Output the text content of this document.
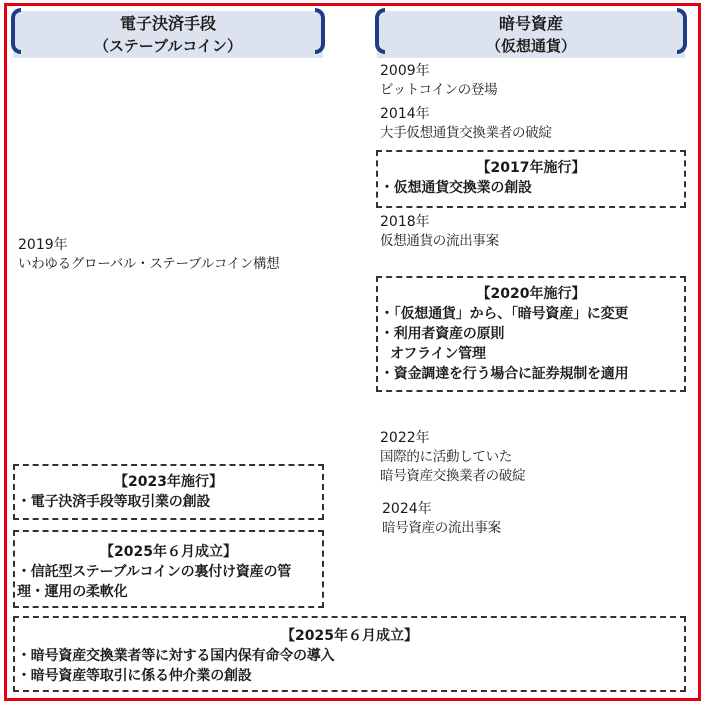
電子決済手段
（ステーブルコイン）
暗号資産
（仮想通貨）
2009年
ビットコインの登場
2014年
大手仮想通貨交換業者の破綻
【2017年施行】
・仮想通貨交換業の創設
2018年
仮想通貨の流出事案
【2020年施行】
・「仮想通貨」から、「暗号資産」に変更
・利用者資産の原則
オフライン管理
・資金調達を行う場合に証券規制を適用
2022年
国際的に活動していた
暗号資産交換業者の破綻
2024年
暗号資産の流出事案
2019年
いわゆるグローバル・ステーブルコイン構想
【2023年施行】
・電子決済手段等取引業の創設
【2025年６月成立】
・信託型ステーブルコインの裏付け資産の管
理・運用の柔軟化
【2025年６月成立】
・暗号資産交換業者等に対する国内保有命令の導入
・暗号資産等取引に係る仲介業の創設
